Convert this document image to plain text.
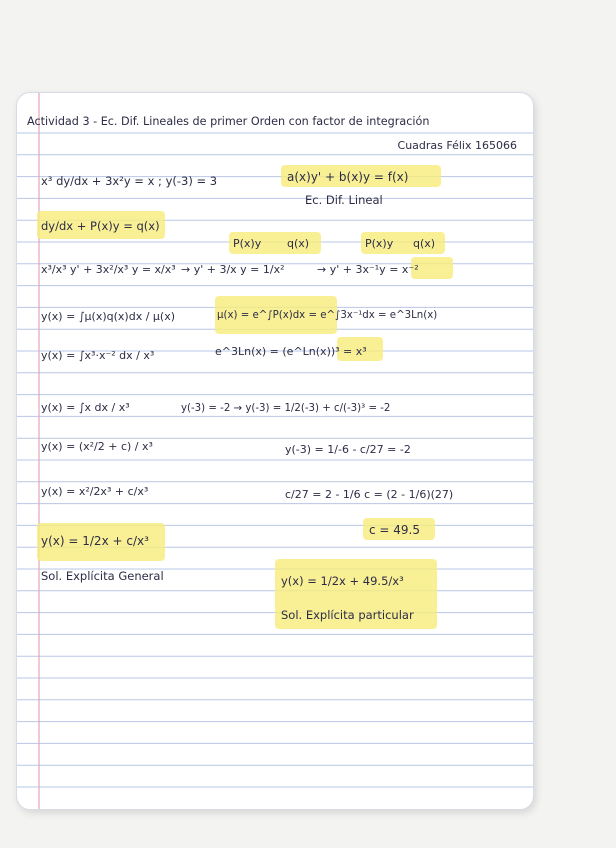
Actividad 3 - Ec. Dif. Lineales de primer Orden con factor de integración
Cuadras Félix 165066
x³ dy/dx + 3x²y = x ; y(-3) = 3
dy/dx + P(x)y = q(x)
x³/x³ y' + 3x²/x³ y = x/x³
y(x) = ∫μ(x)q(x)dx / μ(x)
y(x) = ∫x³·x⁻² dx / x³
y(x) = ∫x dx / x³
y(x) = (x²/2 + c) / x³
y(x) = x²/2x³ + c/x³
y(x) = 1/2x + c/x³
Sol. Explícita General
a(x)y' + b(x)y = f(x)
Ec. Dif. Lineal
P(x)y q(x)	P(x)y q(x)
→ y' + 3/x y = 1/x²	→ y' + 3x⁻¹y = x⁻²
μ(x) = e^∫P(x)dx = e^∫3x⁻¹dx = e^3Ln(x)
e^3Ln(x) = (e^Ln(x))³ = x³
y(-3) = -2 → y(-3) = 1/2(-3) + c/(-3)³ = -2
y(-3) = 1/-6 - c/27 = -2
c/27 = 2 - 1/6 c = (2 - 1/6)(27)
c = 49.5
y(x) = 1/2x + 49.5/x³
Sol. Explícita particular
